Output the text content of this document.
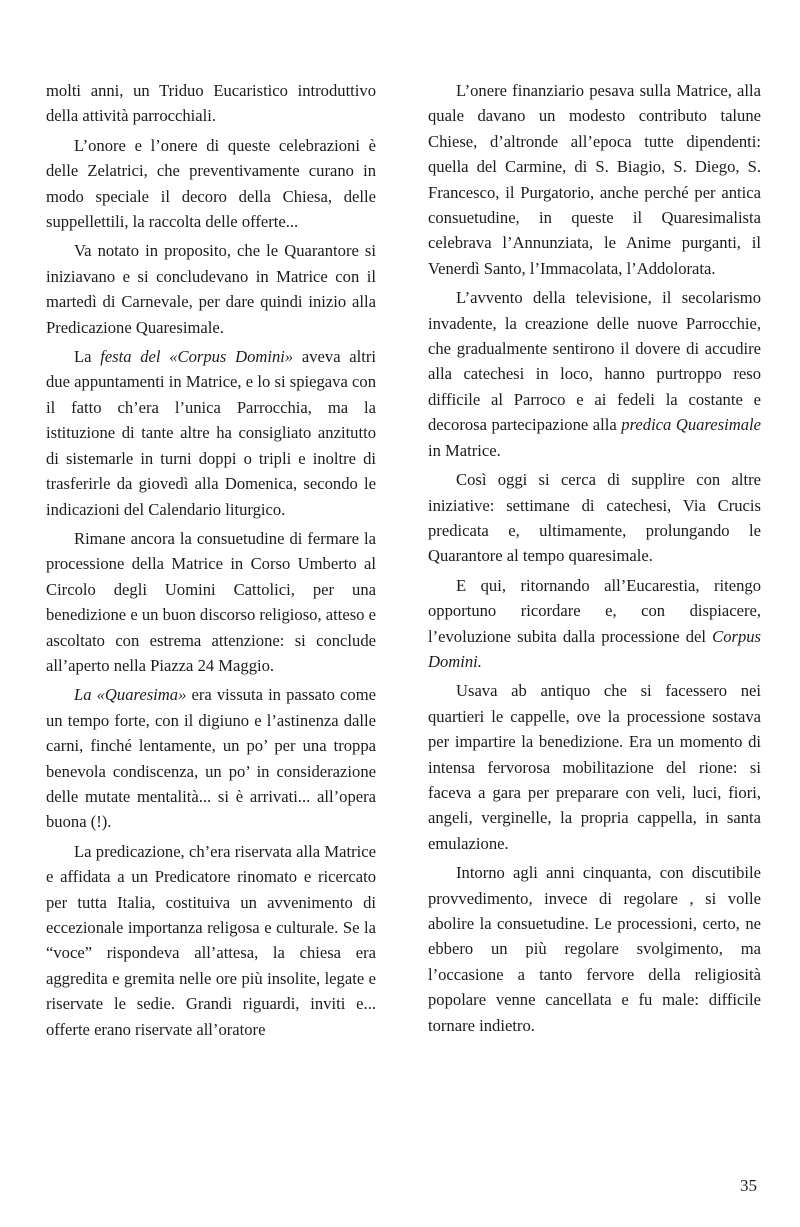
molti anni, un Triduo Eucaristico introduttivo della attività parrocchiali.

L’onore e l’onere di queste celebrazioni è delle Zelatrici, che preventivamente curano in modo speciale il decoro della Chiesa, delle suppellettili, la raccolta delle offerte...

Va notato in proposito, che le Quarantore si iniziavano e si concludevano in Matrice con il martedì di Carnevale, per dare quindi inizio alla Predicazione Quaresimale.

La festa del «Corpus Domini» aveva altri due appuntamenti in Matrice, e lo si spiegava con il fatto ch’era l’unica Parrocchia, ma la istituzione di tante altre ha consigliato anzitutto di sistemarle in turni doppi o tripli e inoltre di trasferirle da giovedì alla Domenica, secondo le indicazioni del Calendario liturgico.

Rimane ancora la consuetudine di fermare la processione della Matrice in Corso Umberto al Circolo degli Uomini Cattolici, per una benedizione e un buon discorso religioso, atteso e ascoltato con estrema attenzione: si conclude all’aperto nella Piazza 24 Maggio.

La «Quaresima» era vissuta in passato come un tempo forte, con il digiuno e l’astinenza dalle carni, finché lentamente, un po’ per una troppa benevola condiscenza, un po’ in considerazione delle mutate mentalità... si è arrivati... all’opera buona (!).

La predicazione, ch’era riservata alla Matrice e affidata a un Predicatore rinomato e ricercato per tutta Italia, costituiva un avvenimento di eccezionale importanza religosa e culturale. Se la “voce” rispondeva all’attesa, la chiesa era aggredita e gremita nelle ore più insolite, legate e riservate le sedie. Grandi riguardi, inviti e... offerte erano riservate all’oratore

L’onere finanziario pesava sulla Matrice, alla quale davano un modesto contributo talune Chiese, d’altronde all’epoca tutte dipendenti: quella del Carmine, di S. Biagio, S. Diego, S. Francesco, il Purgatorio, anche perché per antica consuetudine, in queste il Quaresimalista celebrava l’Annunziata, le Anime purganti, il Venerdì Santo, l’Immacolata, l’Addolorata.

L’avvento della televisione, il secolarismo invadente, la creazione delle nuove Parrocchie, che gradualmente sentirono il dovere di accudire alla catechesi in loco, hanno purtroppo reso difficile al Parroco e ai fedeli la costante e decorosa partecipazione alla predica Quaresimale in Matrice.

Così oggi si cerca di supplire con altre iniziative: settimane di catechesi, Via Crucis predicata e, ultimamente, prolungando le Quarantore al tempo quaresimale.

E qui, ritornando all’Eucarestia, ritengo opportuno ricordare e, con dispiacere, l’evoluzione subita dalla processione del Corpus Domini.

Usava ab antiquo che si facessero nei quartieri le cappelle, ove la processione sostava per impartire la benedizione. Era un momento di intensa fervorosa mobilitazione del rione: si faceva a gara per preparare con veli, luci, fiori, angeli, verginelle, la propria cappella, in santa emulazione.

Intorno agli anni cinquanta, con discutibile provvedimento, invece di regolare , si volle abolire la consuetudine. Le processioni, certo, ne ebbero un più regolare svolgimento, ma l’occasione a tanto fervore della religiosità popolare venne cancellata e fu male: difficile tornare indietro.

35
